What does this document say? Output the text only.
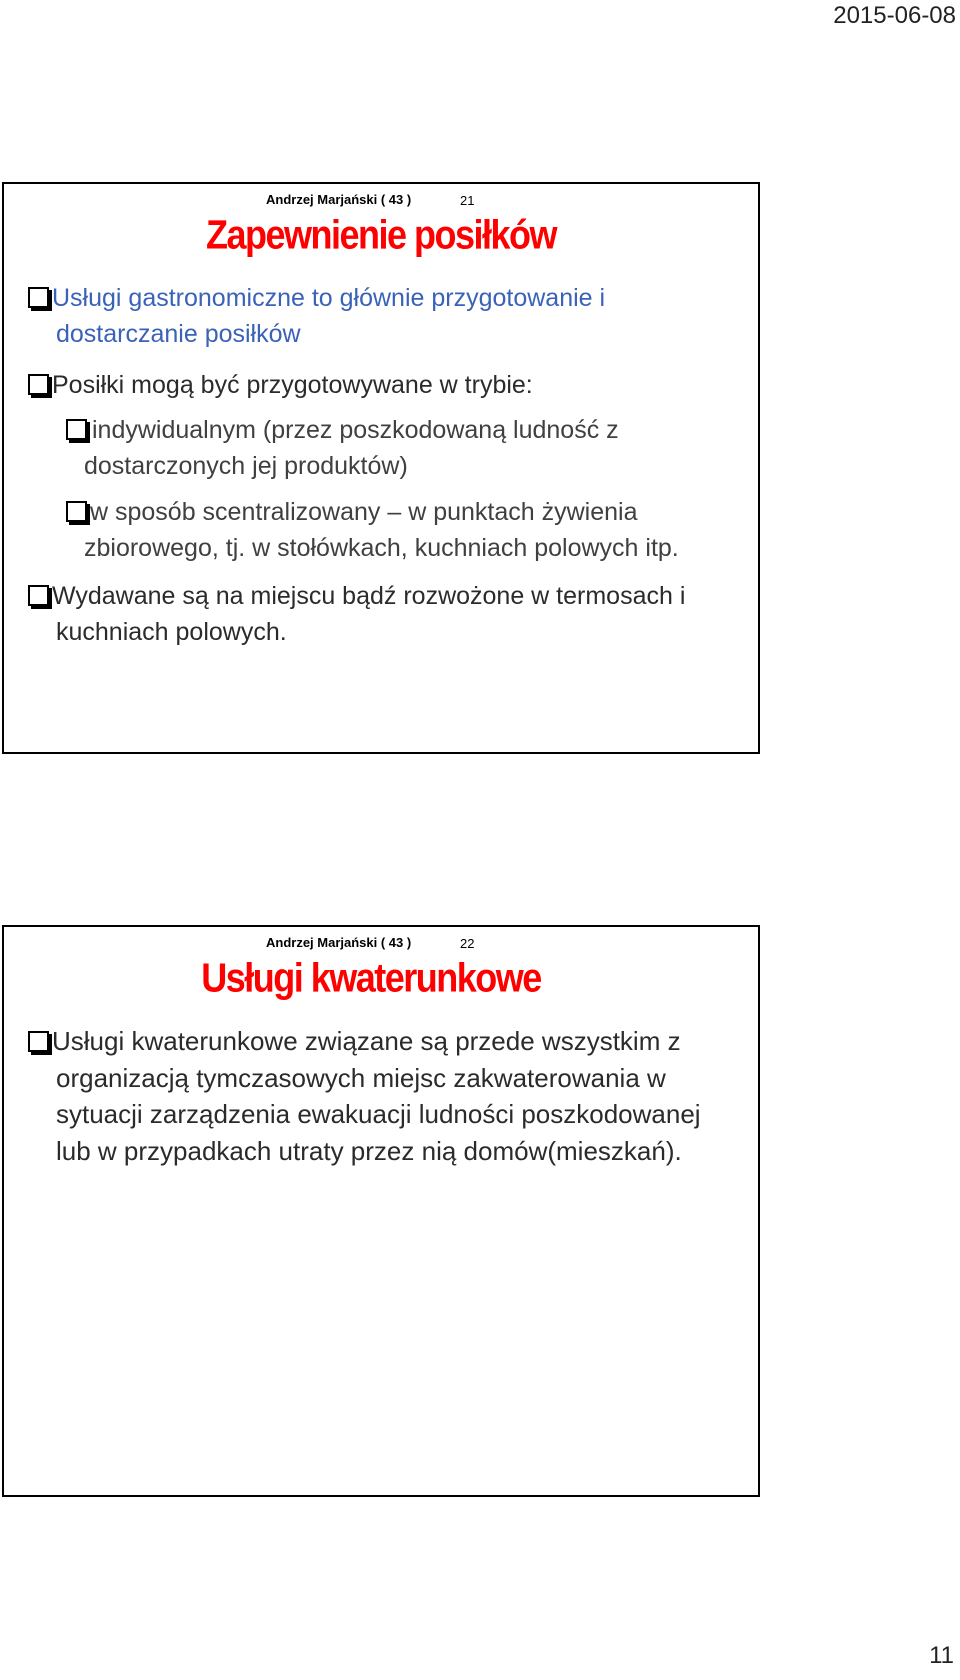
2015-06-08
Andrzej Marjański ( 43 )	21
Zapewnienie posiłków
Usługi gastronomiczne to głównie przygotowanie i
dostarczanie posiłków
Posiłki mogą być przygotowywane w trybie:
indywidualnym (przez poszkodowaną ludność z
dostarczonych jej produktów)
w sposób scentralizowany – w punktach żywienia
zbiorowego, tj. w stołówkach, kuchniach polowych itp.
Wydawane są na miejscu bądź rozwożone w termosach i
kuchniach polowych.
Andrzej Marjański ( 43 )	22
Usługi kwaterunkowe
Usługi kwaterunkowe związane są przede wszystkim z
organizacją tymczasowych miejsc zakwaterowania w
sytuacji zarządzenia ewakuacji ludności poszkodowanej
lub w przypadkach utraty przez nią domów(mieszkań).
11
